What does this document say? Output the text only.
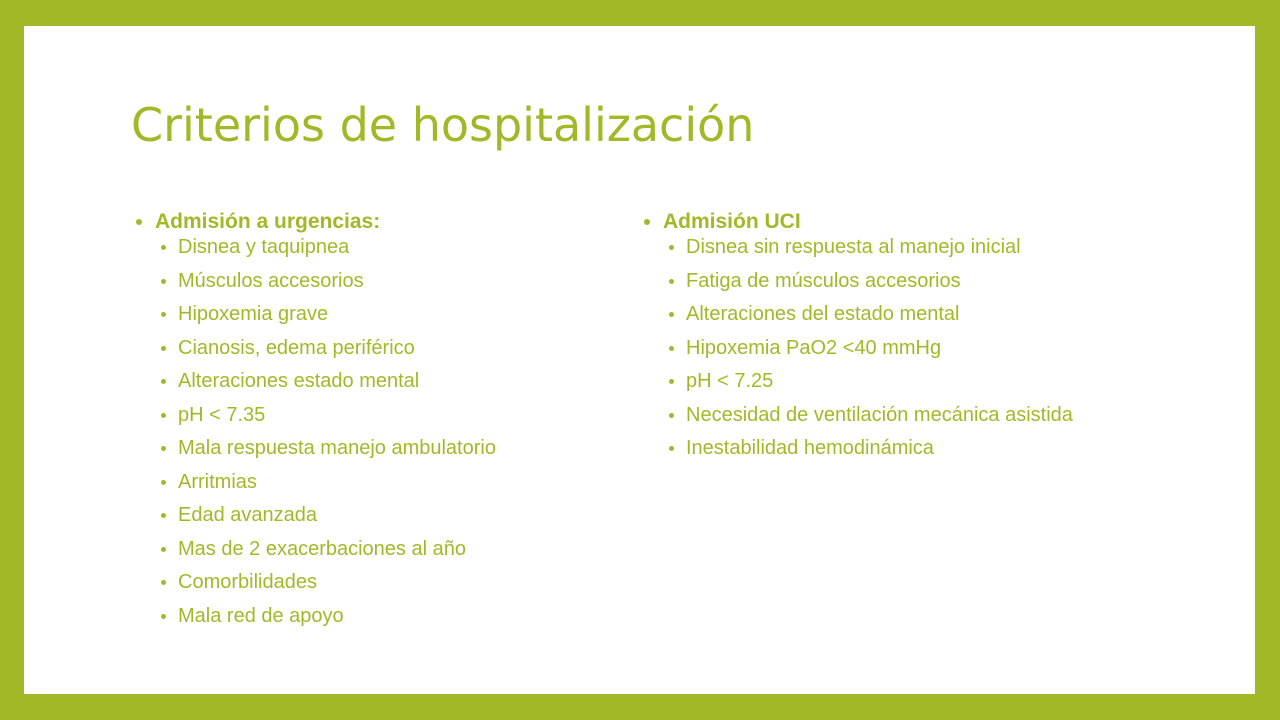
Criterios de hospitalización
Admisión a urgencias:
Disnea y taquipnea
Músculos accesorios
Hipoxemia grave
Cianosis, edema periférico
Alteraciones estado mental
pH < 7.35
Mala respuesta manejo ambulatorio
Arritmias
Edad avanzada
Mas de 2 exacerbaciones al año
Comorbilidades
Mala red de apoyo
Admisión UCI
Disnea sin respuesta al manejo inicial
Fatiga de músculos accesorios
Alteraciones del estado mental
Hipoxemia PaO2 <40 mmHg
pH < 7.25
Necesidad de ventilación mecánica asistida
Inestabilidad hemodinámica
